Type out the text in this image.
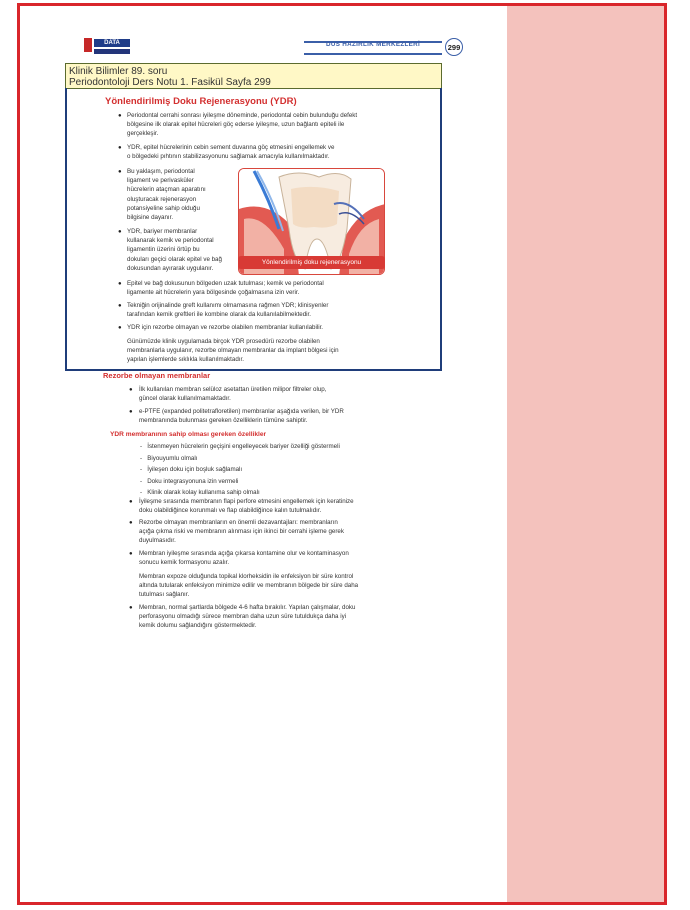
DATA	DUS HAZIRLIK MERKEZLERİ	299
Klinik Bilimler 89. soru
Periodontoloji Ders Notu 1. Fasikül Sayfa 299
Yönlendirilmiş Doku Rejenerasyonu (YDR)
● Periodontal cerrahi sonrası iyileşme döneminde, periodontal cebin bulunduğu defekt
bölgesine ilk olarak epitel hücreleri göç ederse iyileşme, uzun bağlantı epiteli ile
gerçekleşir.
● YDR, epitel hücrelerinin cebin sement duvarına göç etmesini engellemek ve
o bölgedeki pıhtının stabilizasyonunu sağlamak amacıyla kullanılmaktadır.
● Bu yaklaşım, periodontal
ligament ve perivasküler
hücrelerin ataçman aparatını
oluşturacak rejenerasyon
potansiyeline sahip olduğu
bilgisine dayanır.
● YDR, bariyer membranlar
kullanarak kemik ve periodontal
ligamentin üzerini örtüp bu
dokuları geçici olarak epitel ve bağ
dokusundan ayırarak uygulanır.
Yönlendirilmiş doku rejenerasyonu
● Epitel ve bağ dokusunun bölgeden uzak tutulması; kemik ve periodontal
ligamente ait hücrelerin yara bölgesinde çoğalmasına izin verir.
● Tekniğin orijinalinde greft kullanımı olmamasına rağmen YDR; klinisyenler
tarafından kemik greftleri ile kombine olarak da kullanılabilmektedir.
● YDR için rezorbe olmayan ve rezorbe olabilen membranlar kullanılabilir.
Günümüzde klinik uygulamada birçok YDR prosedürü rezorbe olabilen
membranlarla uygulanır, rezorbe olmayan membranlar da implant bölgesi için
yapılan işlemlerde sıklıkla kullanılmaktadır.
Rezorbe olmayan membranlar
● İlk kullanılan membran selüloz asetattan üretilen milipor filtreler olup,
güncel olarak kullanılmamaktadır.
● e-PTFE (expanded politetrafloretilen) membranlar aşağıda verilen, bir YDR
membranında bulunması gereken özelliklerin tümüne sahiptir.
YDR membranının sahip olması gereken özellikler
-   İstenmeyen hücrelerin geçişini engelleyecek bariyer özelliği göstermeli
-   Biyouyumlu olmalı
-   İyileşen doku için boşluk sağlamalı
-   Doku integrasyonuna izin vermeli
-   Klinik olarak kolay kullanıma sahip olmalı
● İyileşme sırasında membranın flapi perfore etmesini engellemek için keratinize
doku olabildiğince korunmalı ve flap olabildiğince kalın tutulmalıdır.
● Rezorbe olmayan membranların en önemli dezavantajları: membranların
açığa çıkma riski ve membranın alınması için ikinci bir cerrahi işleme gerek
duyulmasıdır.
● Membran iyileşme sırasında açığa çıkarsa kontamine olur ve kontaminasyon
sonucu kemik formasyonu azalır.
Membran expoze olduğunda topikal klorheksidin ile enfeksiyon bir süre kontrol
altında tutularak enfeksiyon minimize edilir ve membranın bölgede bir süre daha
tutulması sağlanır.
● Membran, normal şartlarda bölgede 4-6 hafta bırakılır. Yapılan çalışmalar, doku
perforasyonu olmadığı sürece membran daha uzun süre tutuldukça daha iyi
kemik dolumu sağlandığını göstermektedir.
